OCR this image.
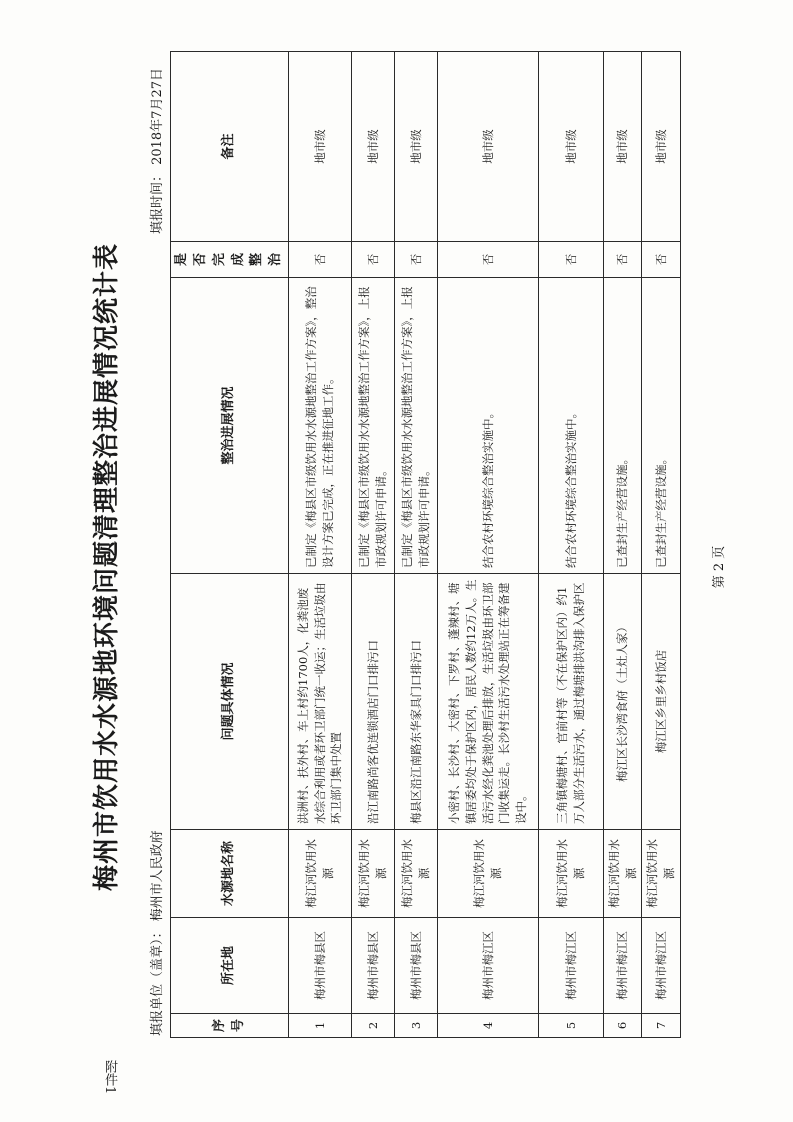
附件1
梅州市饮用水水源地环境问题清理整治进展情况统计表
填报单位（盖章）： 梅州市人民政府
填报时间： 2018年7月27日
序号	所在地	水源地名称	问题具体情况	整治进展情况	是否完成整治	备注
1	梅州市梅县区	梅江河饮用水源	洪洲村、扶外村、车上村约1700人，化粪池废水综合利用或者环卫部门统一收运；生活垃圾由环卫部门集中处置	已制定《梅县区市级饮用水水源地整治工作方案》，整治设计方案已完成，正在推进征地工作。	否	地市级
2	梅州市梅县区	梅江河饮用水源	沿江南路尚客优连锁酒店门口排污口	已制定《梅县区市级饮用水水源地整治工作方案》，上报市政规划许可申请。	否	地市级
3	梅州市梅县区	梅江河饮用水源	梅县区沿江南路东华家具门口排污口	已制定《梅县区市级饮用水水源地整治工作方案》，上报市政规划许可申请。	否	地市级
4	梅州市梅江区	梅江河饮用水源	小密村、长沙村、大密村、下罗村、蓬辣村、塘镇居委均处于保护区内，居民人数约12万人。生活污水经化粪池处理后排放，生活垃圾由环卫部门收集运走。长沙村生活污水处理站正在筹备建设中。	结合农村环境综合整治实施中。	否	地市级
5	梅州市梅江区	梅江河饮用水源	三角镇梅塘村、官前村等（不在保护区内）约1万人部分生活污水，通过梅塘排洪沟排入保护区	结合农村环境综合整治实施中。	否	地市级
6	梅州市梅江区	梅江河饮用水源	梅江区长沙湾食府（土灶人家）	已查封生产经营设施。	否	地市级
7	梅州市梅江区	梅江河饮用水源	梅江区乡里乡村饭店	已查封生产经营设施。	否	地市级
第 2 页
